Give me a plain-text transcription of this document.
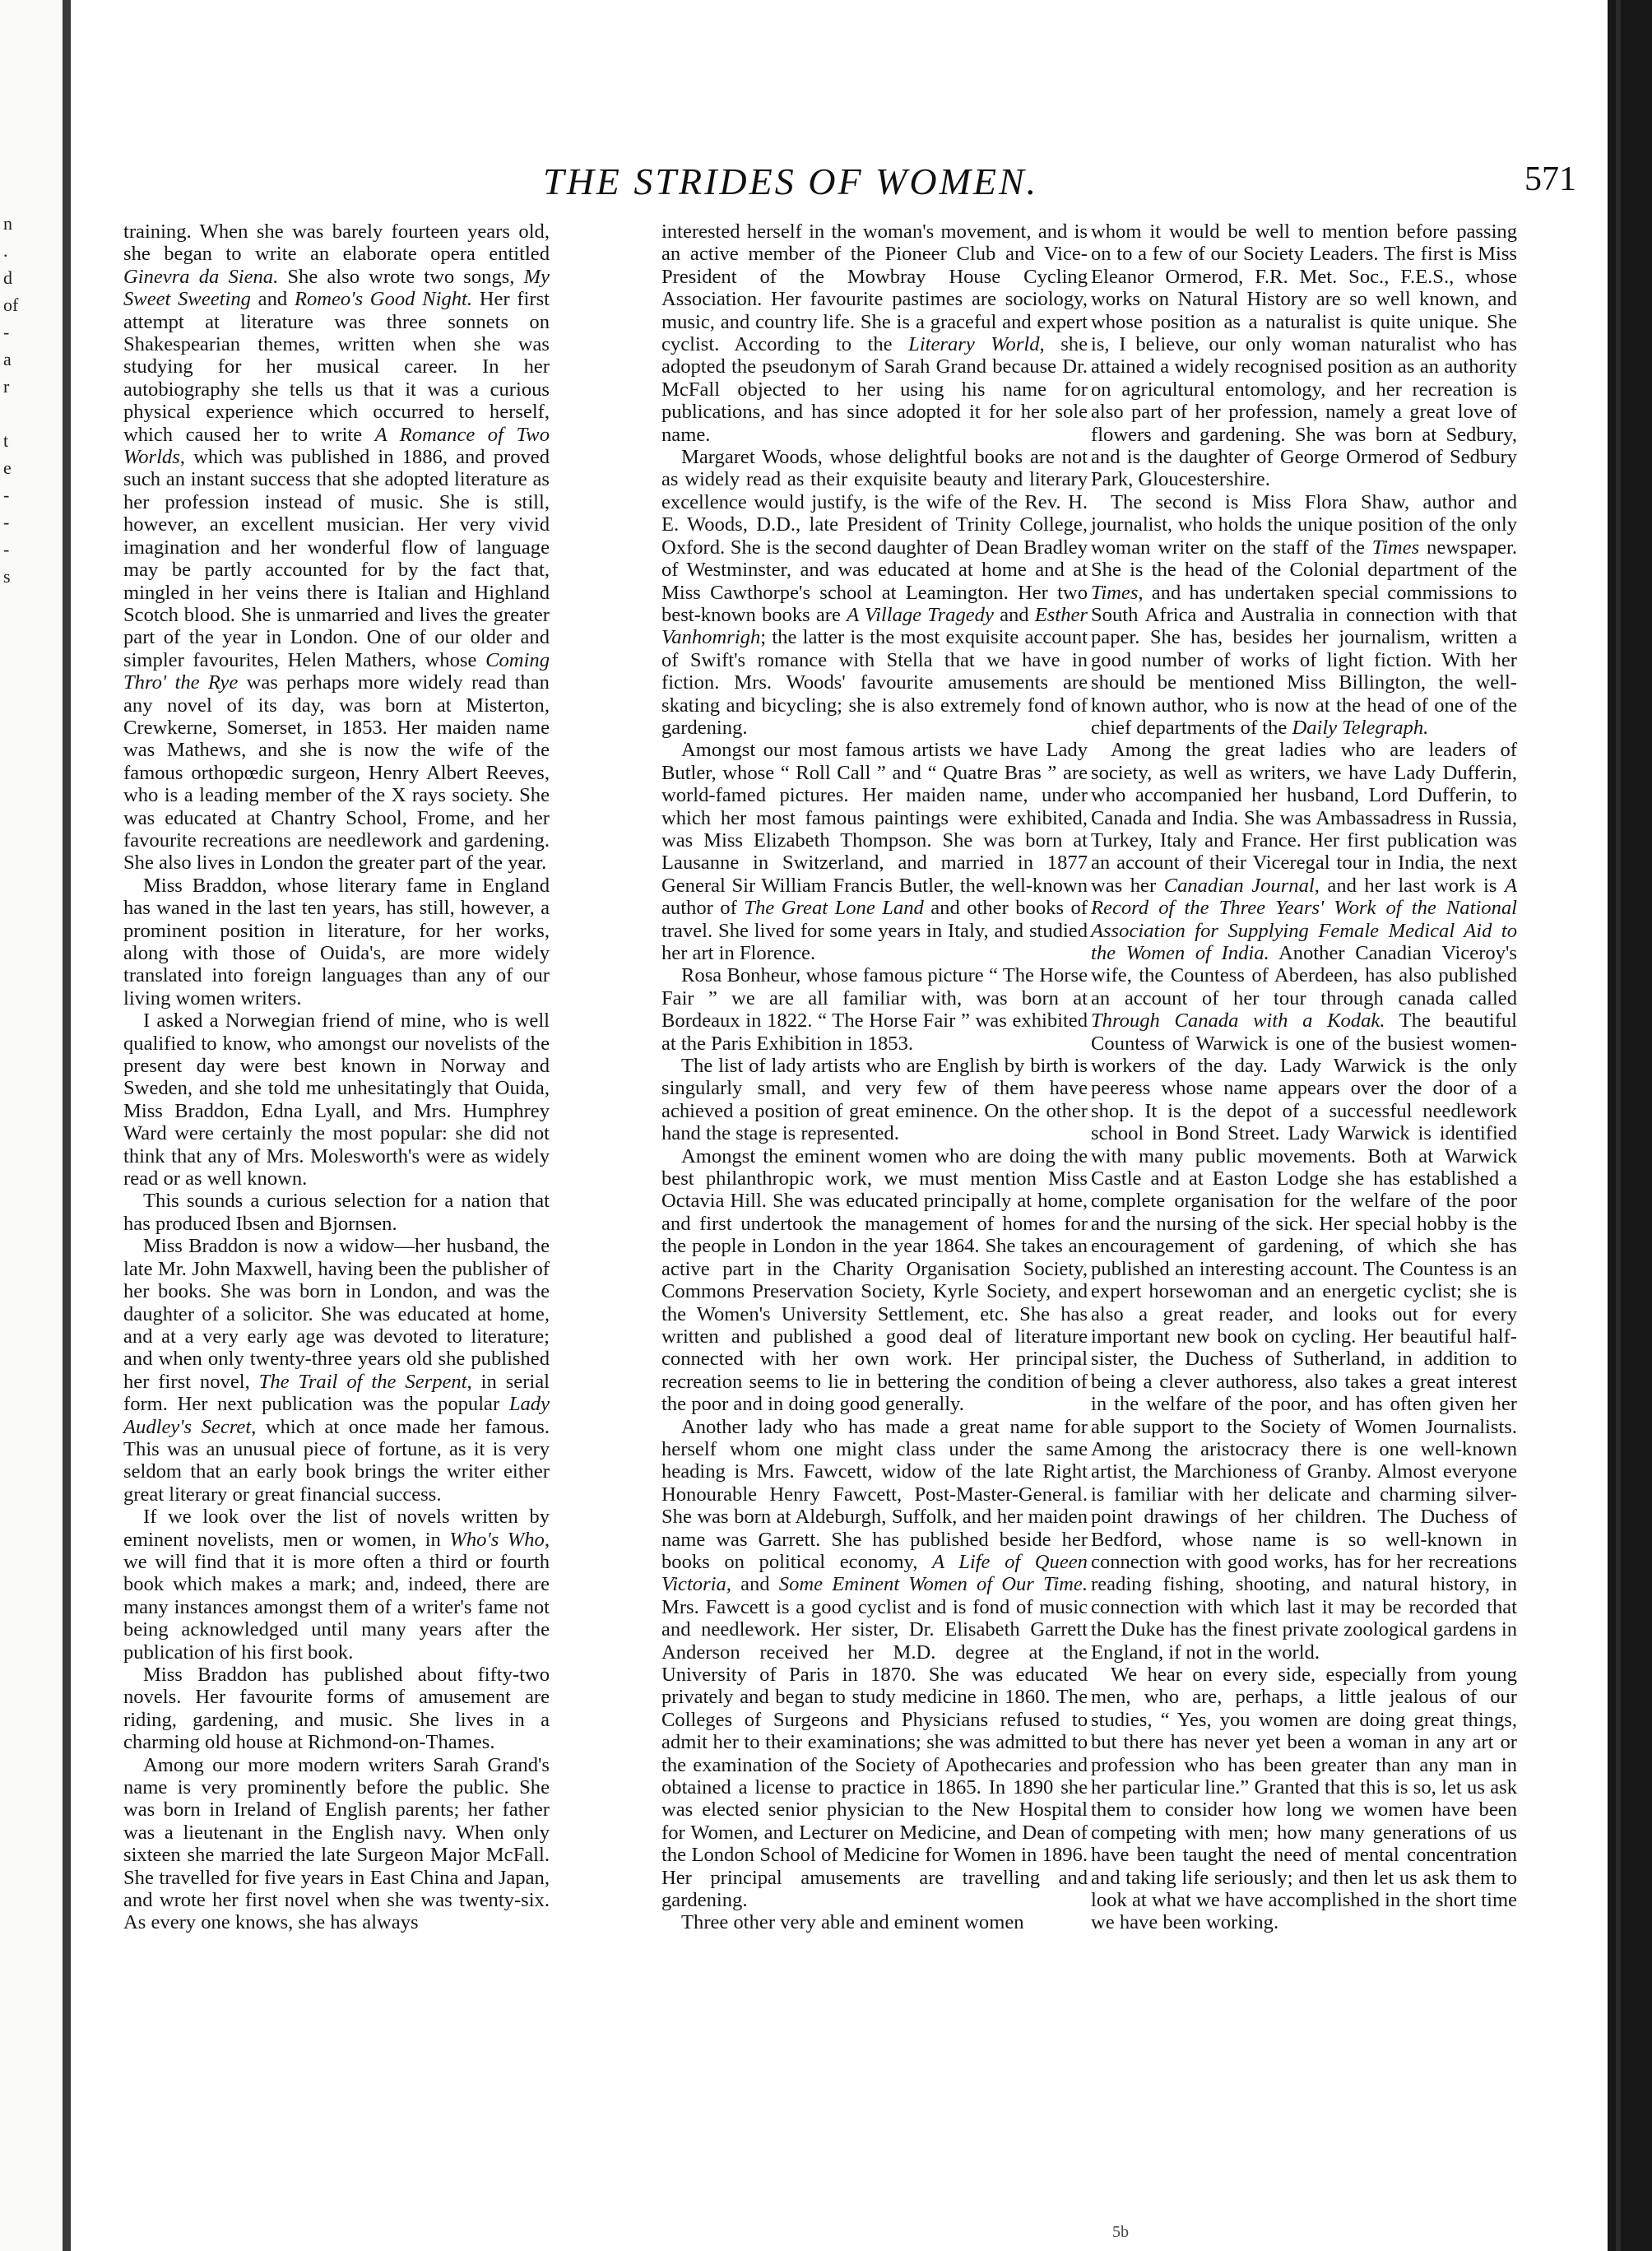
n
.
d
of
-
a
r
t
e
-
-
-
s
THE STRIDES OF WOMEN.	571

training. When she was barely fourteen years old, she began to write an elaborate opera entitled Ginevra da Siena. She also wrote two songs, My Sweet Sweeting and Romeo's Good Night. Her first attempt at literature was three sonnets on Shakespearian themes, written when she was studying for her musical career. In her autobiography she tells us that it was a curious physical experience which occurred to herself, which caused her to write A Romance of Two Worlds, which was published in 1886, and proved such an instant success that she adopted literature as her profession instead of music. She is still, however, an excellent musician. Her very vivid imagination and her wonderful flow of language may be partly accounted for by the fact that, mingled in her veins there is Italian and Highland Scotch blood. She is unmarried and lives the greater part of the year in London. One of our older and simpler favourites, Helen Mathers, whose Coming Thro' the Rye was perhaps more widely read than any novel of its day, was born at Misterton, Crewkerne, Somerset, in 1853. Her maiden name was Mathews, and she is now the wife of the famous orthopœdic surgeon, Henry Albert Reeves, who is a leading member of the X rays society. She was educated at Chantry School, Frome, and her favourite recreations are needlework and gardening. She also lives in London the greater part of the year.

Miss Braddon, whose literary fame in England has waned in the last ten years, has still, however, a prominent position in literature, for her works, along with those of Ouida's, are more widely translated into foreign languages than any of our living women writers.

I asked a Norwegian friend of mine, who is well qualified to know, who amongst our novelists of the present day were best known in Norway and Sweden, and she told me unhesitatingly that Ouida, Miss Braddon, Edna Lyall, and Mrs. Humphrey Ward were certainly the most popular: she did not think that any of Mrs. Molesworth's were as widely read or as well known.

This sounds a curious selection for a nation that has produced Ibsen and Bjornsen.

Miss Braddon is now a widow—her husband, the late Mr. John Maxwell, having been the publisher of her books. She was born in London, and was the daughter of a solicitor. She was educated at home, and at a very early age was devoted to literature; and when only twenty-three years old she published her first novel, The Trail of the Serpent, in serial form. Her next publication was the popular Lady Audley's Secret, which at once made her famous. This was an unusual piece of fortune, as it is very seldom that an early book brings the writer either great literary or great financial success.

If we look over the list of novels written by eminent novelists, men or women, in Who's Who, we will find that it is more often a third or fourth book which makes a mark; and, indeed, there are many instances amongst them of a writer's fame not being acknowledged until many years after the publication of his first book.

Miss Braddon has published about fifty-two novels. Her favourite forms of amusement are riding, gardening, and music. She lives in a charming old house at Richmond-on-Thames.

Among our more modern writers Sarah Grand's name is very prominently before the public. She was born in Ireland of English parents; her father was a lieutenant in the English navy. When only sixteen she married the late Surgeon Major McFall. She travelled for five years in East China and Japan, and wrote her first novel when she was twenty-six. As every one knows, she has always

interested herself in the woman's movement, and is an active member of the Pioneer Club and Vice-President of the Mowbray House Cycling Association. Her favourite pastimes are sociology, music, and country life. She is a graceful and expert cyclist. According to the Literary World, she adopted the pseudonym of Sarah Grand because Dr. McFall objected to her using his name for publications, and has since adopted it for her sole name.

Margaret Woods, whose delightful books are not as widely read as their exquisite beauty and literary excellence would justify, is the wife of the Rev. H. E. Woods, D.D., late President of Trinity College, Oxford. She is the second daughter of Dean Bradley of Westminster, and was educated at home and at Miss Cawthorpe's school at Leamington. Her two best-known books are A Village Tragedy and Esther Vanhomrigh; the latter is the most exquisite account of Swift's romance with Stella that we have in fiction. Mrs. Woods' favourite amusements are skating and bicycling; she is also extremely fond of gardening.

Amongst our most famous artists we have Lady Butler, whose “ Roll Call ” and “ Quatre Bras ” are world-famed pictures. Her maiden name, under which her most famous paintings were exhibited, was Miss Elizabeth Thompson. She was born at Lausanne in Switzerland, and married in 1877 General Sir William Francis Butler, the well-known author of The Great Lone Land and other books of travel. She lived for some years in Italy, and studied her art in Florence.

Rosa Bonheur, whose famous picture “ The Horse Fair ” we are all familiar with, was born at Bordeaux in 1822. “ The Horse Fair ” was exhibited at the Paris Exhibition in 1853.

The list of lady artists who are English by birth is singularly small, and very few of them have achieved a position of great eminence. On the other hand the stage is represented.

Amongst the eminent women who are doing the best philanthropic work, we must mention Miss Octavia Hill. She was educated principally at home, and first undertook the management of homes for the people in London in the year 1864. She takes an active part in the Charity Organisation Society, Commons Preservation Society, Kyrle Society, and the Women's University Settlement, etc. She has written and published a good deal of literature connected with her own work. Her principal recreation seems to lie in bettering the condition of the poor and in doing good generally.

Another lady who has made a great name for herself whom one might class under the same heading is Mrs. Fawcett, widow of the late Right Honourable Henry Fawcett, Post-Master-General. She was born at Aldeburgh, Suffolk, and her maiden name was Garrett. She has published beside her books on political economy, A Life of Queen Victoria, and Some Eminent Women of Our Time. Mrs. Fawcett is a good cyclist and is fond of music and needlework. Her sister, Dr. Elisabeth Garrett Anderson received her M.D. degree at the University of Paris in 1870. She was educated privately and began to study medicine in 1860. The Colleges of Surgeons and Physicians refused to admit her to their examinations; she was admitted to the examination of the Society of Apothecaries and obtained a license to practice in 1865. In 1890 she was elected senior physician to the New Hospital for Women, and Lecturer on Medicine, and Dean of the London School of Medicine for Women in 1896. Her principal amusements are travelling and gardening.

Three other very able and eminent women

whom it would be well to mention before passing on to a few of our Society Leaders. The first is Miss Eleanor Ormerod, F.R. Met. Soc., F.E.S., whose works on Natural History are so well known, and whose position as a naturalist is quite unique. She is, I believe, our only woman naturalist who has attained a widely recognised position as an authority on agricultural entomology, and her recreation is also part of her profession, namely a great love of flowers and gardening. She was born at Sedbury, and is the daughter of George Ormerod of Sedbury Park, Gloucestershire.

The second is Miss Flora Shaw, author and journalist, who holds the unique position of the only woman writer on the staff of the Times newspaper. She is the head of the Colonial department of the Times, and has undertaken special commissions to South Africa and Australia in connection with that paper. She has, besides her journalism, written a good number of works of light fiction. With her should be mentioned Miss Billington, the well-known author, who is now at the head of one of the chief departments of the Daily Telegraph.

Among the great ladies who are leaders of society, as well as writers, we have Lady Dufferin, who accompanied her husband, Lord Dufferin, to Canada and India. She was Ambassadress in Russia, Turkey, Italy and France. Her first publication was an account of their Viceregal tour in India, the next was her Canadian Journal, and her last work is A Record of the Three Years' Work of the National Association for Supplying Female Medical Aid to the Women of India. Another Canadian Viceroy's wife, the Countess of Aberdeen, has also published an account of her tour through canada called Through Canada with a Kodak. The beautiful Countess of Warwick is one of the busiest women-workers of the day. Lady Warwick is the only peeress whose name appears over the door of a shop. It is the depot of a successful needlework school in Bond Street. Lady Warwick is identified with many public movements. Both at Warwick Castle and at Easton Lodge she has established a complete organisation for the welfare of the poor and the nursing of the sick. Her special hobby is the encouragement of gardening, of which she has published an interesting account. The Countess is an expert horsewoman and an energetic cyclist; she is also a great reader, and looks out for every important new book on cycling. Her beautiful half-sister, the Duchess of Sutherland, in addition to being a clever authoress, also takes a great interest in the welfare of the poor, and has often given her able support to the Society of Women Journalists. Among the aristocracy there is one well-known artist, the Marchioness of Granby. Almost everyone is familiar with her delicate and charming silver-point drawings of her children. The Duchess of Bedford, whose name is so well-known in connection with good works, has for her recreations reading fishing, shooting, and natural history, in connection with which last it may be recorded that the Duke has the finest private zoological gardens in England, if not in the world.

We hear on every side, especially from young men, who are, perhaps, a little jealous of our studies, “ Yes, you women are doing great things, but there has never yet been a woman in any art or profession who has been greater than any man in her particular line.” Granted that this is so, let us ask them to consider how long we women have been competing with men; how many generations of us have been taught the need of mental concentration and taking life seriously; and then let us ask them to look at what we have accomplished in the short time we have been working.

5b
